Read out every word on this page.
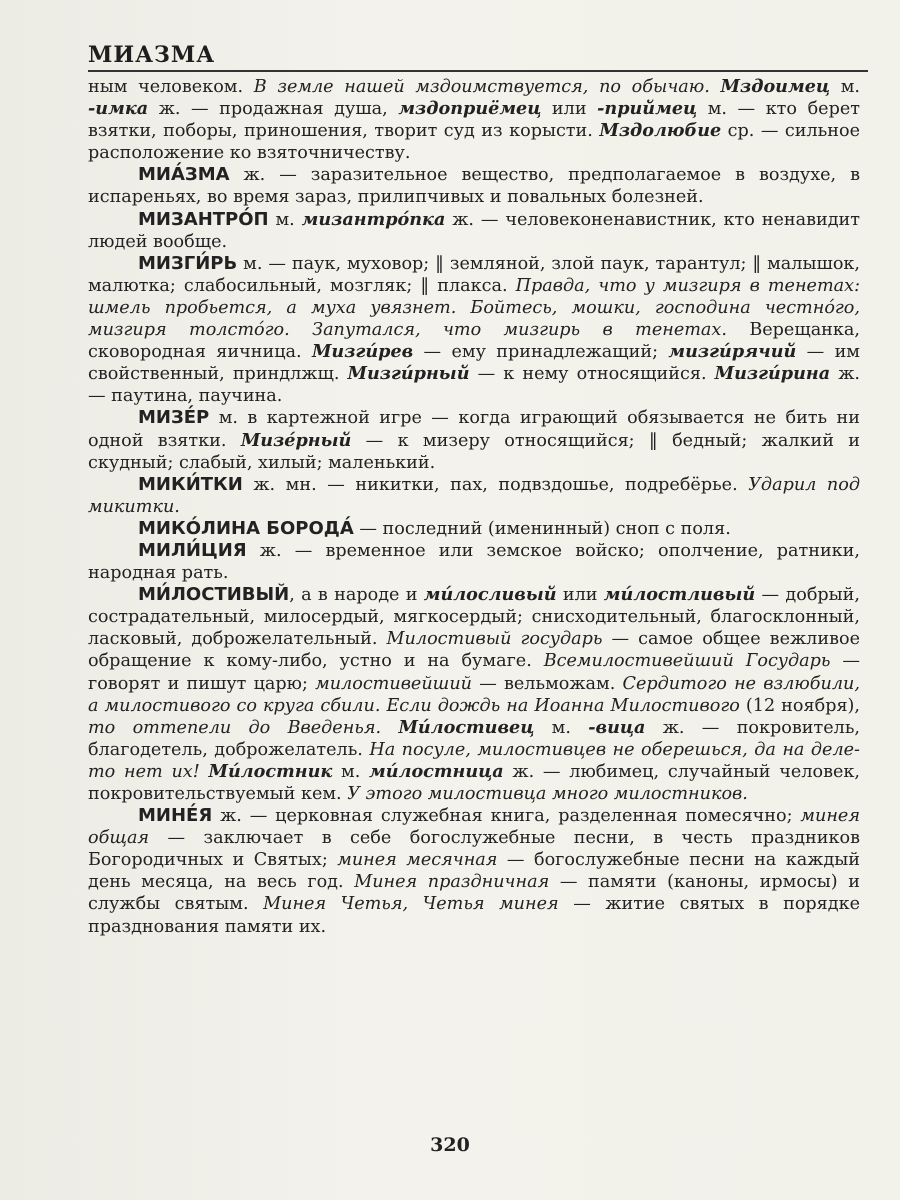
МИАЗМА

ным человеком. В земле нашей мздоимствуется, по обычаю. Мздоимец м. -имка ж. — продажная душа, мздоприёмец или -приймец м. — кто берет взятки, поборы, приношения, творит суд из корысти. Мздолюбие ср. — сильное расположение ко взяточничеству.

МИА́ЗМА ж. — заразительное вещество, предполагаемое в воздухе, в испареньях, во время зараз, прилипчивых и повальных болезней.

МИЗАНТРО́П м. мизантро́пка ж. — человеконенавистник, кто ненавидит людей вообще.

МИЗГИ́РЬ м. — паук, муховор; ‖ земляной, злой паук, тарантул; ‖ малышок, малютка; слабосильный, мозгляк; ‖ плакса. Правда, что у мизгиря в тенетах: шмель пробьется, а муха увязнет. Бойтесь, мошки, господина честно́го, мизгиря толсто́го. Запутался, что мизгирь в тенетах. Верещанка, сковородная яичница. Мизги́рев — ему принадлежащий; мизги́рячий — им свойственный, приндлжщ. Мизги́рный — к нему относящийся. Мизги́рина ж. — паутина, паучина.

МИЗЕ́Р м. в картежной игре — когда играющий обязывается не бить ни одной взятки. Мизе́рный — к мизеру относящийся; ‖ бедный; жалкий и скудный; слабый, хилый; маленький.

МИКИ́ТКИ ж. мн. — никитки, пах, подвздошье, подребёрье. Ударил под микитки.

МИКО́ЛИНА БОРОДА́ — последний (именинный) сноп с поля.

МИЛИ́ЦИЯ ж. — временное или земское войско; ополчение, ратники, народная рать.

МИ́ЛОСТИВЫЙ, а в народе и ми́лосливый или ми́лостливый — добрый, сострадательный, милосердый, мягкосердый; снисходительный, благосклонный, ласковый, доброжелательный. Милостивый государь — самое общее вежливое обращение к кому-либо, устно и на бумаге. Всемилостивейший Государь — говорят и пишут царю; милостивейший — вельможам. Сердитого не взлюбили, а милостивого со круга сбили. Если дождь на Иоанна Милостивого (12 ноября), то оттепели до Введенья. Ми́лостивец м. -вица ж. — покровитель, благодетель, доброжелатель. На посуле, милостивцев не оберешься, да на деле-то нет их! Ми́лостник м. ми́лостница ж. — любимец, случайный человек, покровительствуемый кем. У этого милостивца много милостников.

МИНЕ́Я ж. — церковная служебная книга, разделенная помесячно; минея общая — заключает в себе богослужебные песни, в честь праздников Богородичных и Святых; минея месячная — богослужебные песни на каждый день месяца, на весь год. Минея праздничная — памяти (каноны, ирмосы) и службы святым. Минея Четья, Четья минея — житие святых в порядке празднования памяти их.

320
